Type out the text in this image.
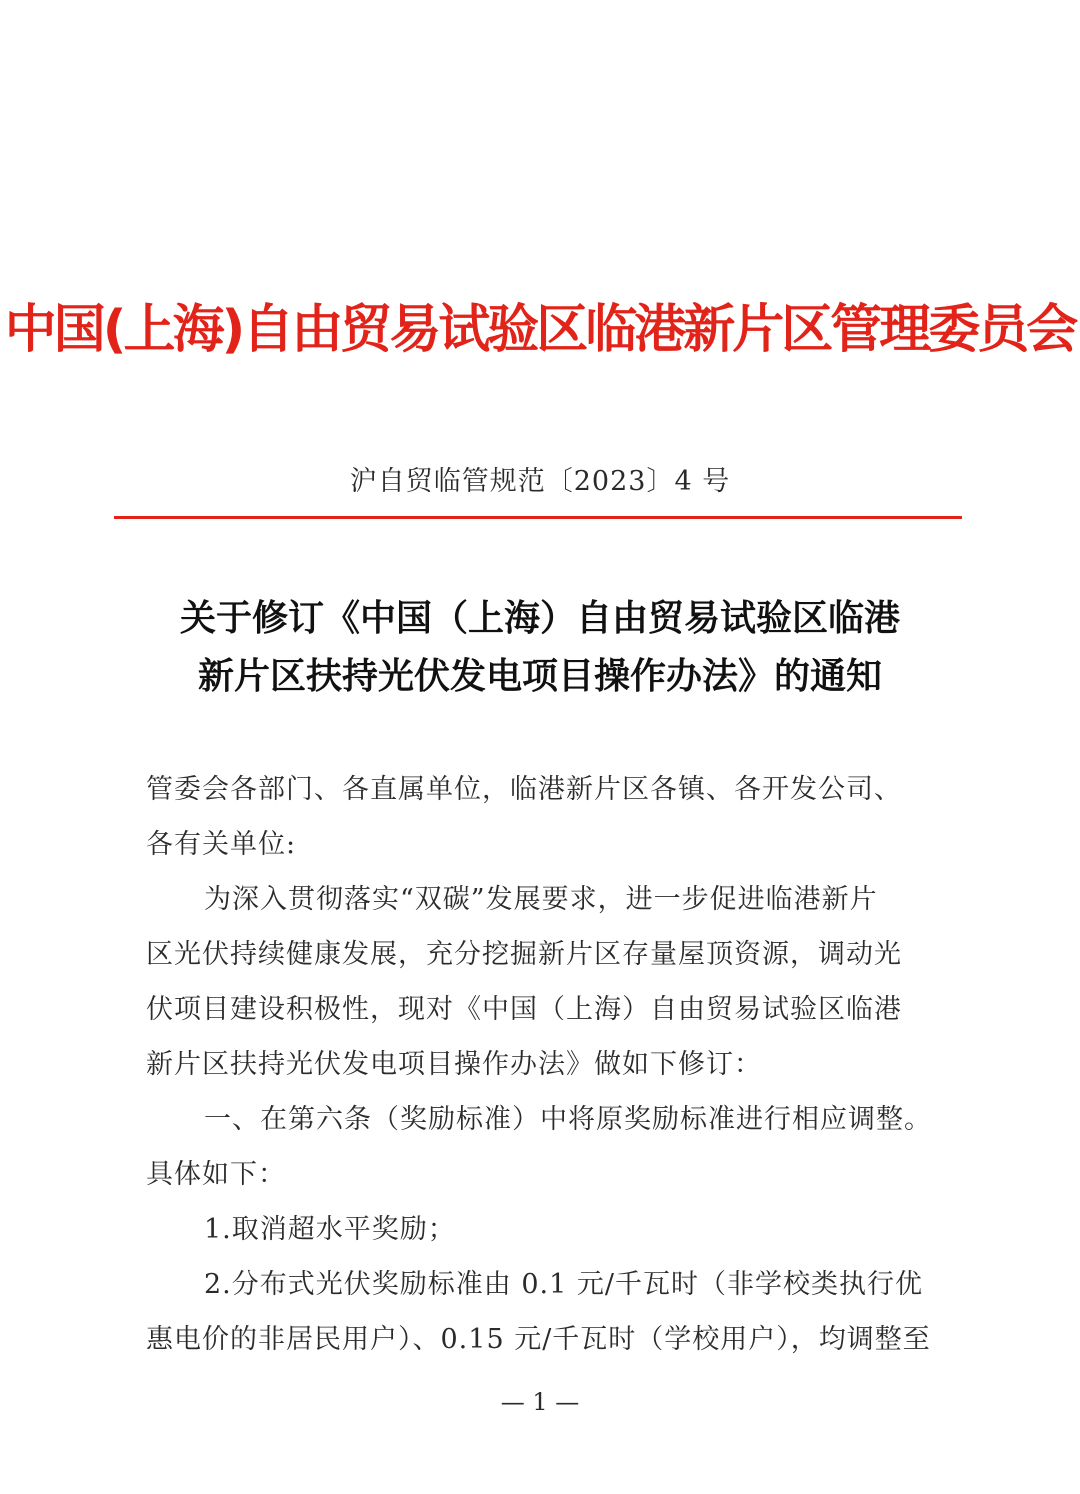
中国(上海)自由贸易试验区临港新片区管理委员会
沪自贸临管规范〔2023〕4 号
关于修订《中国（上海）自由贸易试验区临港
新片区扶持光伏发电项目操作办法》的通知
管委会各部门、各直属单位，临港新片区各镇、各开发公司、
各有关单位:
为深入贯彻落实“双碳”发展要求，进一步促进临港新片
区光伏持续健康发展，充分挖掘新片区存量屋顶资源，调动光
伏项目建设积极性，现对《中国（上海）自由贸易试验区临港
新片区扶持光伏发电项目操作办法》做如下修订：
一、在第六条（奖励标准）中将原奖励标准进行相应调整。
具体如下：
1.取消超水平奖励；
2.分布式光伏奖励标准由 0.1 元/千瓦时（非学校类执行优
惠电价的非居民用户）、0.15 元/千瓦时（学校用户），均调整至
— 1 —
